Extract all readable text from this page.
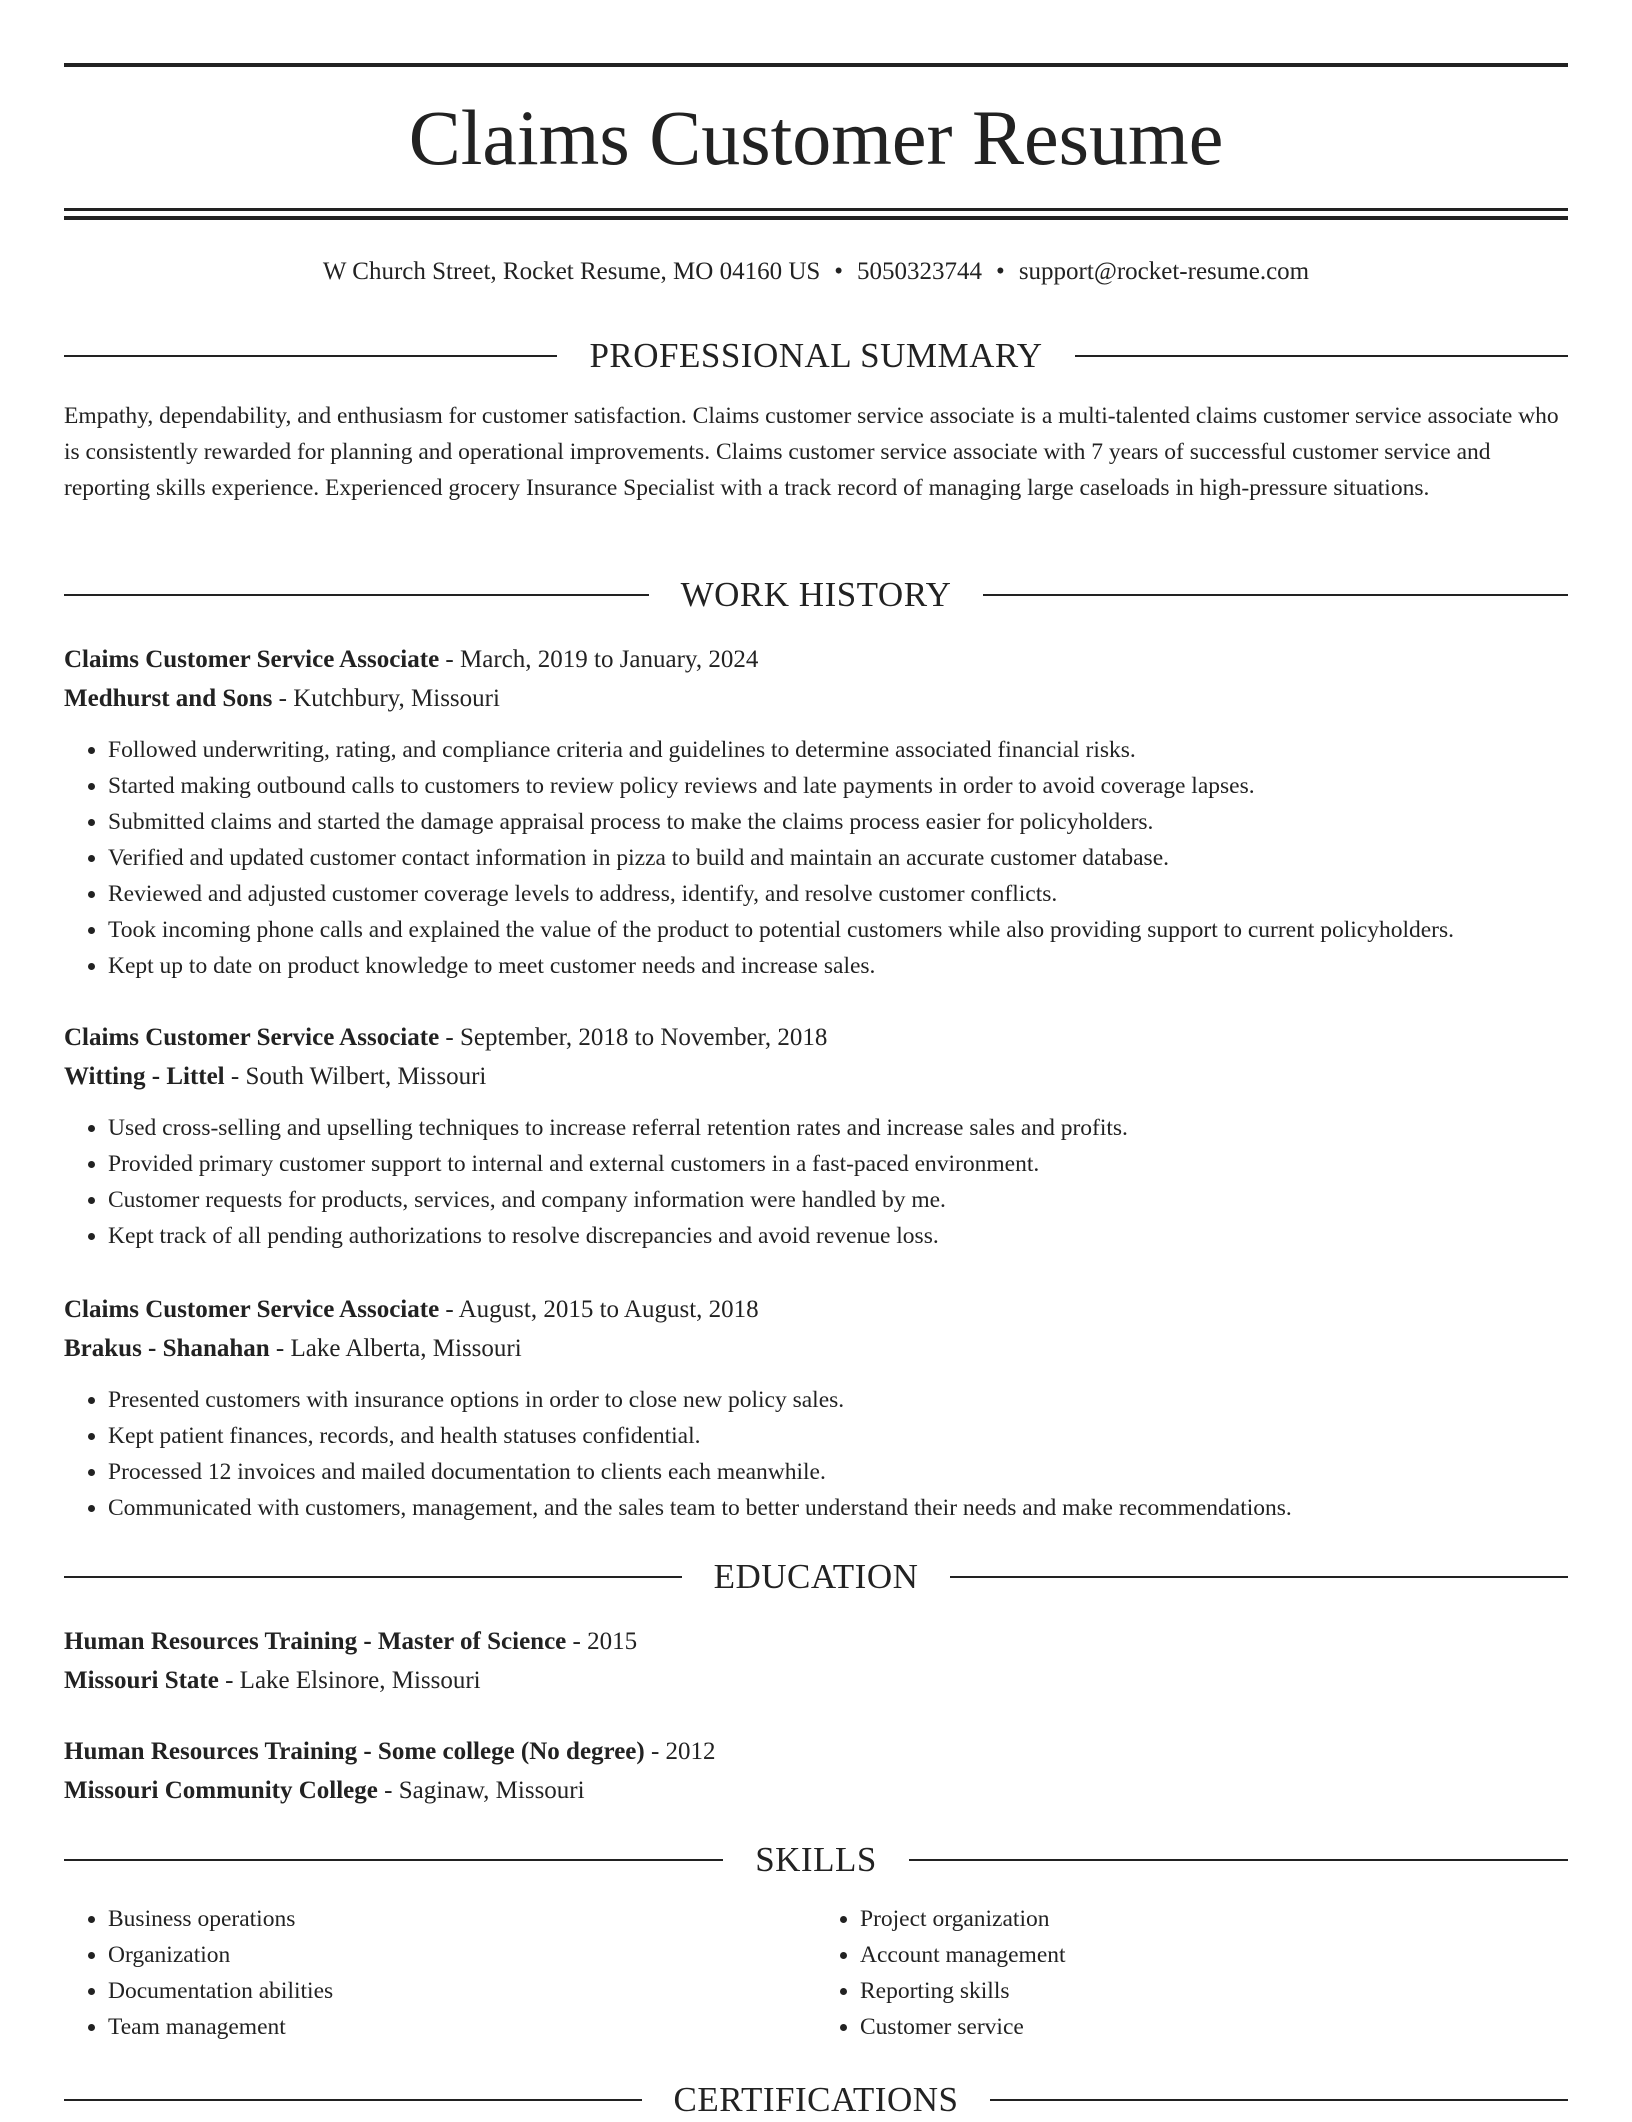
Claims Customer Resume
W Church Street, Rocket Resume, MO 04160 US • 5050323744 • support@rocket-resume.com
PROFESSIONAL SUMMARY

Empathy, dependability, and enthusiasm for customer satisfaction. Claims customer service associate is a multi-talented claims customer service associate who is consistently rewarded for planning and operational improvements. Claims customer service associate with 7 years of successful customer service and reporting skills experience. Experienced grocery Insurance Specialist with a track record of managing large caseloads in high-pressure situations.

WORK HISTORY
Claims Customer Service Associate - March, 2019 to January, 2024
Medhurst and Sons - Kutchbury, Missouri
• Followed underwriting, rating, and compliance criteria and guidelines to determine associated financial risks.
• Started making outbound calls to customers to review policy reviews and late payments in order to avoid coverage lapses.
• Submitted claims and started the damage appraisal process to make the claims process easier for policyholders.
• Verified and updated customer contact information in pizza to build and maintain an accurate customer database.
• Reviewed and adjusted customer coverage levels to address, identify, and resolve customer conflicts.
• Took incoming phone calls and explained the value of the product to potential customers while also providing support to current policyholders.
• Kept up to date on product knowledge to meet customer needs and increase sales.
Claims Customer Service Associate - September, 2018 to November, 2018
Witting - Littel - South Wilbert, Missouri
• Used cross-selling and upselling techniques to increase referral retention rates and increase sales and profits.
• Provided primary customer support to internal and external customers in a fast-paced environment.
• Customer requests for products, services, and company information were handled by me.
• Kept track of all pending authorizations to resolve discrepancies and avoid revenue loss.
Claims Customer Service Associate - August, 2015 to August, 2018
Brakus - Shanahan - Lake Alberta, Missouri
• Presented customers with insurance options in order to close new policy sales.
• Kept patient finances, records, and health statuses confidential.
• Processed 12 invoices and mailed documentation to clients each meanwhile.
• Communicated with customers, management, and the sales team to better understand their needs and make recommendations.
EDUCATION
Human Resources Training - Master of Science - 2015
Missouri State - Lake Elsinore, Missouri
Human Resources Training - Some college (No degree) - 2012
Missouri Community College - Saginaw, Missouri
SKILLS
• Business operations
• Organization
• Documentation abilities
• Team management
• Project organization
• Account management
• Reporting skills
• Customer service
CERTIFICATIONS
